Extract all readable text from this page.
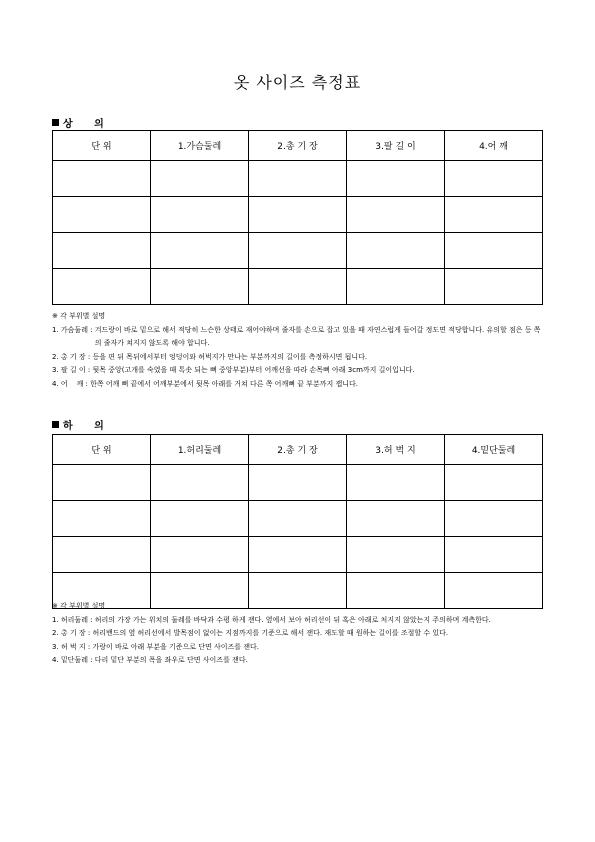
옷 사이즈 측정표
상 의
단 위	1.가슴둘레	2.총 기 장	3.팔 길 이	4.어 깨

※ 각 부위별 설명
1. 가슴둘레 : 겨드랑이 바로 밑으로 해서 적당히 느슨한 상태로 재어야하며 줄자를 손으로 잡고 있을 때 자연스럽게 들어갈 정도면 적당합니다. 유의할 점은 등 쪽의 줄자가 쳐지지 않도록 해야 합니다.
2. 총 기 장 : 등을 편 뒤 목뒤에서부터 엉덩이와 허벅지가 만나는 부분까지의 길이를 측정하시면 됩니다.
3. 팔 길 이 : 뒷목 중앙(고개를 숙였을 때 톡솟 되는 뼈 중앙부분)부터 어깨선을 따라 손목뼈 아래 3cm까지 길이입니다.
4. 어    깨 : 한쪽 어깨 뼈 끝에서 어깨부분에서 뒷목 아래를 거쳐 다른 쪽 어깨뼈 끝 부분까지 잽니다.
하 의
단 위	1.허리둘레	2.총 기 장	3.허 벅 지	4.밑단둘레

※ 각 부위별 설명
1. 허리둘레 : 허리의 가장 가는 위치의 둘레를 바닥과 수평 하게 잰다. 옆에서 보아 허리선이 뒤 혹은 아래로 처지지 않았는지 주의하며 계측한다.
2. 총 기 장 : 허리밴드의 옆 허리선에서 발목점이 없이는 지점까지를 기준으로 해서 잰다. 재도할 때 원하는 길이를 조절할 수 있다.
3. 허 벅 지 : 가랑이 바로 아래 부분을 기준으로 단면 사이즈를 잰다.
4. 밑단둘레 : 다리 밑단 부분의 폭을 좌우로 단면 사이즈를 잰다.
